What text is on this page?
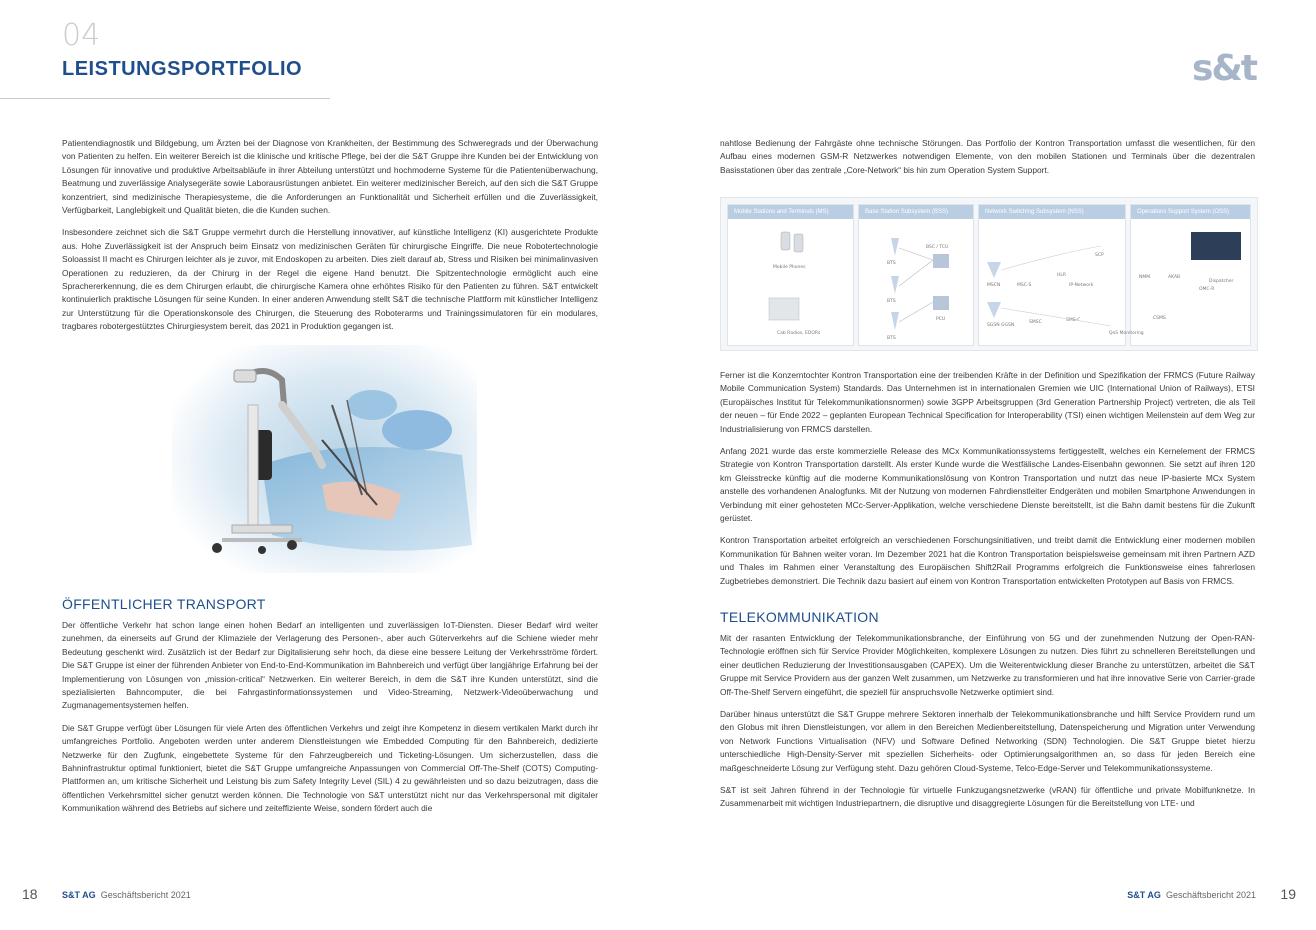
04
LEISTUNGSPORTFOLIO	s&t

Patientendiagnostik und Bildgebung, um Ärzten bei der Diagnose von Krankheiten, der Bestimmung des Schweregrads und der Überwachung von Patienten zu helfen. Ein weiterer Bereich ist die klinische und kritische Pflege, bei der die S&T Gruppe ihre Kunden bei der Entwicklung von Lösungen für innovative und produktive Arbeitsabläufe in ihrer Abteilung unterstützt und hochmoderne Systeme für die Patientenüberwachung, Beatmung und zuverlässige Analysegeräte sowie Laborausrüstungen anbietet. Ein weiterer medizinischer Bereich, auf den sich die S&T Gruppe konzentriert, sind medizinische Therapiesysteme, die die Anforderungen an Funktionalität und Sicherheit erfüllen und die Zuverlässigkeit, Verfügbarkeit, Langlebigkeit und Qualität bieten, die die Kunden suchen.

Insbesondere zeichnet sich die S&T Gruppe vermehrt durch die Herstellung innovativer, auf künstliche Intelligenz (KI) ausgerichtete Produkte aus. Hohe Zuverlässigkeit ist der Anspruch beim Einsatz von medizinischen Geräten für chirurgische Eingriffe. Die neue Robotertechnologie Soloassist II macht es Chirurgen leichter als je zuvor, mit Endoskopen zu arbeiten. Dies zielt darauf ab, Stress und Risiken bei minimalinvasiven Operationen zu reduzieren, da der Chirurg in der Regel die eigene Hand benutzt. Die Spitzentechnologie ermöglicht auch eine Sprachererkennung, die es dem Chirurgen erlaubt, die chirurgische Kamera ohne erhöhtes Risiko für den Patienten zu führen. S&T entwickelt kontinuierlich praktische Lösungen für seine Kunden. In einer anderen Anwendung stellt S&T die technische Plattform mit künstlicher Intelligenz zur Unterstützung für die Operationskonsole des Chirurgen, die Steuerung des Roboterarms und Trainingssimulatoren für ein modulares, tragbares robotergestütztes Chirurgiesystem bereit, das 2021 in Produktion gegangen ist.

ÖFFENTLICHER TRANSPORT

Der öffentliche Verkehr hat schon lange einen hohen Bedarf an intelligenten und zuverlässigen IoT-Diensten. Dieser Bedarf wird weiter zunehmen, da einerseits auf Grund der Klimaziele der Verlagerung des Personen-, aber auch Güterverkehrs auf die Schiene wieder mehr Bedeutung geschenkt wird. Zusätzlich ist der Bedarf zur Digitalisierung sehr hoch, da diese eine bessere Leitung der Verkehrsströme fördert. Die S&T Gruppe ist einer der führenden Anbieter von End-to-End-Kommunikation im Bahnbereich und verfügt über langjährige Erfahrung bei der Implementierung von Lösungen von „mission-critical“ Netzwerken. Ein weiterer Bereich, in dem die S&T ihre Kunden unterstützt, sind die spezialisierten Bahncomputer, die bei Fahrgastinformationssystemen und Video-Streaming, Netzwerk-Videoüberwachung und Zugmanagementsystemen helfen.

Die S&T Gruppe verfügt über Lösungen für viele Arten des öffentlichen Verkehrs und zeigt ihre Kompetenz in diesem vertikalen Markt durch ihr umfangreiches Portfolio. Angeboten werden unter anderem Dienstleistungen wie Embedded Computing für den Bahnbereich, dedizierte Netzwerke für den Zugfunk, eingebettete Systeme für den Fahrzeugbereich und Ticketing-Lösungen. Um sicherzustellen, dass die Bahninfrastruktur optimal funktioniert, bietet die S&T Gruppe umfangreiche Anpassungen von Commercial Off-The-Shelf (COTS) Computing-Plattformen an, um kritische Sicherheit und Leistung bis zum Safety Integrity Level (SIL) 4 zu gewährleisten und so dazu beizutragen, dass die öffentlichen Verkehrsmittel sicher genutzt werden können. Die Technologie von S&T unterstützt nicht nur das Verkehrspersonal mit digitaler Kommunikation während des Betriebs auf sichere und zeiteffiziente Weise, sondern fördert auch die

nahtlose Bedienung der Fahrgäste ohne technische Störungen. Das Portfolio der Kontron Transportation umfasst die wesentlichen, für den Aufbau eines modernen GSM-R Netzwerkes notwendigen Elemente, von den mobilen Stationen und Terminals über die dezentralen Basisstationen über das zentrale „Core-Network“ bis hin zum Operation System Support.

Mobile Stations and Terminals (MS)	Base Station Subsystem (BSS)	Network Switching Subsystem (NSS)	Operations Support System (OSS)
Mobile Phones
Cab Radios, EDORs
BTS
BTS
BTS
BSC / TCU
PCU
MSCN	MSC-S
HLR
SCP
IP-Network
SGSN GGSN
SMSC	SMS-C
QoS Monitoring
NMM	AKAB
OMC-R
CSMS
Dispatcher

Ferner ist die Konzerntochter Kontron Transportation eine der treibenden Kräfte in der Definition und Spezifikation der FRMCS (Future Railway Mobile Communication System) Standards. Das Unternehmen ist in internationalen Gremien wie UIC (International Union of Railways), ETSI (Europäisches Institut für Telekommunikationsnormen) sowie 3GPP Arbeitsgruppen (3rd Generation Partnership Project) vertreten, die als Teil der neuen – für Ende 2022 – geplanten European Technical Specification for Interoperability (TSI) einen wichtigen Meilenstein auf dem Weg zur Industrialisierung von FRMCS darstellen.

Anfang 2021 wurde das erste kommerzielle Release des MCx Kommunikationssystems fertiggestellt, welches ein Kernelement der FRMCS Strategie von Kontron Transportation darstellt. Als erster Kunde wurde die Westfälische Landes-Eisenbahn gewonnen. Sie setzt auf ihren 120 km Gleisstrecke künftig auf die moderne Kommunikationslösung von Kontron Transportation und nutzt das neue IP-basierte MCx System anstelle des vorhandenen Analogfunks. Mit der Nutzung von modernen Fahrdienstleiter Endgeräten und mobilen Smartphone Anwendungen in Verbindung mit einer gehosteten MCc-Server-Applikation, welche verschiedene Dienste bereitstellt, ist die Bahn damit bestens für die Zukunft gerüstet.

Kontron Transportation arbeitet erfolgreich an verschiedenen Forschungsinitiativen, und treibt damit die Entwicklung einer modernen mobilen Kommunikation für Bahnen weiter voran. Im Dezember 2021 hat die Kontron Transportation beispielsweise gemeinsam mit ihren Partnern AZD und Thales im Rahmen einer Veranstaltung des Europäischen Shift2Rail Programms erfolgreich die Funktionsweise eines fahrerlosen Zugbetriebes demonstriert. Die Technik dazu basiert auf einem von Kontron Transportation entwickelten Prototypen auf Basis von FRMCS.

TELEKOMMUNIKATION

Mit der rasanten Entwicklung der Telekommunikationsbranche, der Einführung von 5G und der zunehmenden Nutzung der Open-RAN-Technologie eröffnen sich für Service Provider Möglichkeiten, komplexere Lösungen zu nutzen. Dies führt zu schnelleren Bereitstellungen und einer deutlichen Reduzierung der Investitionsausgaben (CAPEX). Um die Weiterentwicklung dieser Branche zu unterstützen, arbeitet die S&T Gruppe mit Service Providern aus der ganzen Welt zusammen, um Netzwerke zu transformieren und hat ihre innovative Serie von Carrier-grade Off-The-Shelf Servern eingeführt, die speziell für anspruchsvolle Netzwerke optimiert sind.

Darüber hinaus unterstützt die S&T Gruppe mehrere Sektoren innerhalb der Telekommunikationsbranche und hilft Service Providern rund um den Globus mit ihren Dienstleistungen, vor allem in den Bereichen Medienbereitstellung, Datenspeicherung und Migration unter Verwendung von Network Functions Virtualisation (NFV) und Software Defined Networking (SDN) Technologien. Die S&T Gruppe bietet hierzu unterschiedliche High-Density-Server mit speziellen Sicherheits- oder Optimierungsalgorithmen an, so dass für jeden Bereich eine maßgeschneiderte Lösung zur Verfügung steht. Dazu gehören Cloud-Systeme, Telco-Edge-Server und Telekommunikationssysteme.

S&T ist seit Jahren führend in der Technologie für virtuelle Funkzugangsnetzwerke (vRAN) für öffentliche und private Mobilfunknetze. In Zusammenarbeit mit wichtigen Industriepartnern, die disruptive und disaggregierte Lösungen für die Bereitstellung von LTE- und

18	S&T AG Geschäftsbericht 2021	S&T AG Geschäftsbericht 2021 19
